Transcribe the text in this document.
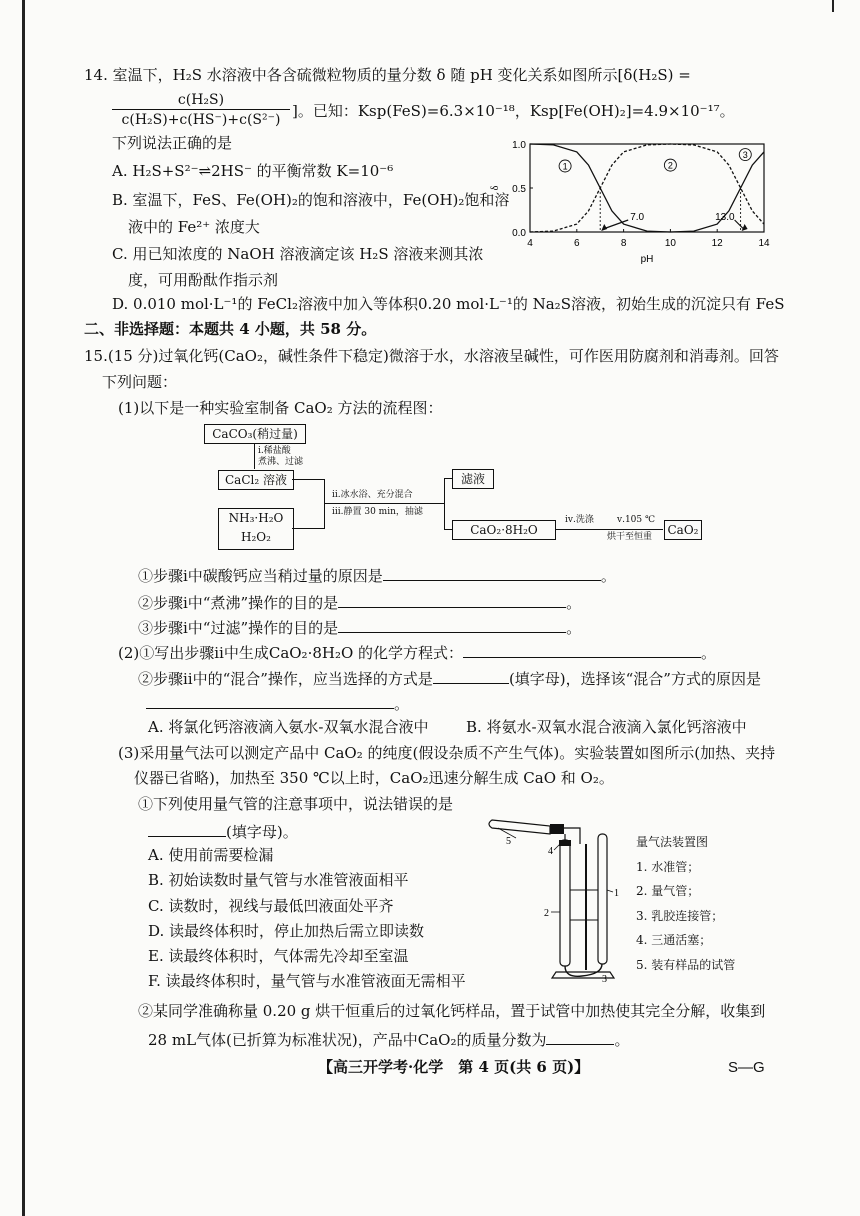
14. 室温下，H₂S 水溶液中各含硫微粒物质的量分数 δ 随 pH 变化关系如图所示[δ(H₂S) =
$\frac{\text{c(H₂S)}}{\text{c(H₂S)+c(HS⁻)+c(S²⁻)}}$ ]。已知：Ksp(FeS)=6.3×10⁻¹⁸，Ksp[Fe(OH)₂]=4.9×10⁻¹⁷。
下列说法正确的是
A. H₂S+S²⁻⇌2HS⁻ 的平衡常数 K=10⁻⁶
B. 室温下，FeS、Fe(OH)₂的饱和溶液中，Fe(OH)₂饱和溶
液中的 Fe²⁺ 浓度大
C. 用已知浓度的 NaOH 溶液滴定该 H₂S 溶液来测其浓
度，可用酚酞作指示剂
D. 0.010 mol·L⁻¹的 FeCl₂溶液中加入等体积0.20 mol·L⁻¹的 Na₂S溶液，初始生成的沉淀只有 FeS
1	2
3
7.0	13.0
4	6	8	10	12	14
0.0
0.5
1.0
pH
δ
二、非选择题：本题共 4 小题，共 58 分。
15.(15 分)过氧化钙(CaO₂，碱性条件下稳定)微溶于水，水溶液呈碱性，可作医用防腐剂和消毒剂。回答
下列问题：
(1)以下是一种实验室制备 CaO₂ 方法的流程图：
CaCO₃(稍过量)
ⅰ.稀盐酸
煮沸、过滤
CaCl₂ 溶液
NH₃·H₂O
H₂O₂
ⅱ.冰水浴、充分混合
ⅲ.静置 30 min，抽滤
滤液
CaO₂·8H₂O
ⅳ.洗涤	ⅴ.105 ℃
烘干至恒重 CaO₂
①步骤ⅰ中碳酸钙应当稍过量的原因是	。
②步骤ⅰ中“煮沸”操作的目的是	。
③步骤ⅰ中“过滤”操作的目的是	。
(2)①写出步骤ⅱ中生成CaO₂·8H₂O 的化学方程式：	。
②步骤ⅱ中的“混合”操作，应当选择的方式是	(填字母)，选择该“混合”方式的原因是
。
A. 将氯化钙溶液滴入氨水-双氧水混合液中	B. 将氨水-双氧水混合液滴入氯化钙溶液中
(3)采用量气法可以测定产品中 CaO₂ 的纯度(假设杂质不产生气体)。实验装置如图所示(加热、夹持
仪器已省略)，加热至 350 ℃以上时，CaO₂迅速分解生成 CaO 和 O₂。
①下列使用量气管的注意事项中，说法错误的是
(填字母)。
A. 使用前需要检漏
B. 初始读数时量气管与水准管液面相平
C. 读数时，视线与最低凹液面处平齐
D. 读最终体积时，停止加热后需立即读数
E. 读最终体积时，气体需先冷却至室温
F. 读最终体积时，量气管与水准管液面无需相平
5
4
1
2
3
量气法装置图
1. 水准管；
2. 量气管；
3. 乳胶连接管；
4. 三通活塞；
5. 装有样品的试管
②某同学准确称量 0.20 g 烘干恒重后的过氧化钙样品，置于试管中加热使其完全分解，收集到
28 mL气体(已折算为标准状况)，产品中CaO₂的质量分数为	。
【高三开学考·化学　第 4 页(共 6 页)】	S—G
